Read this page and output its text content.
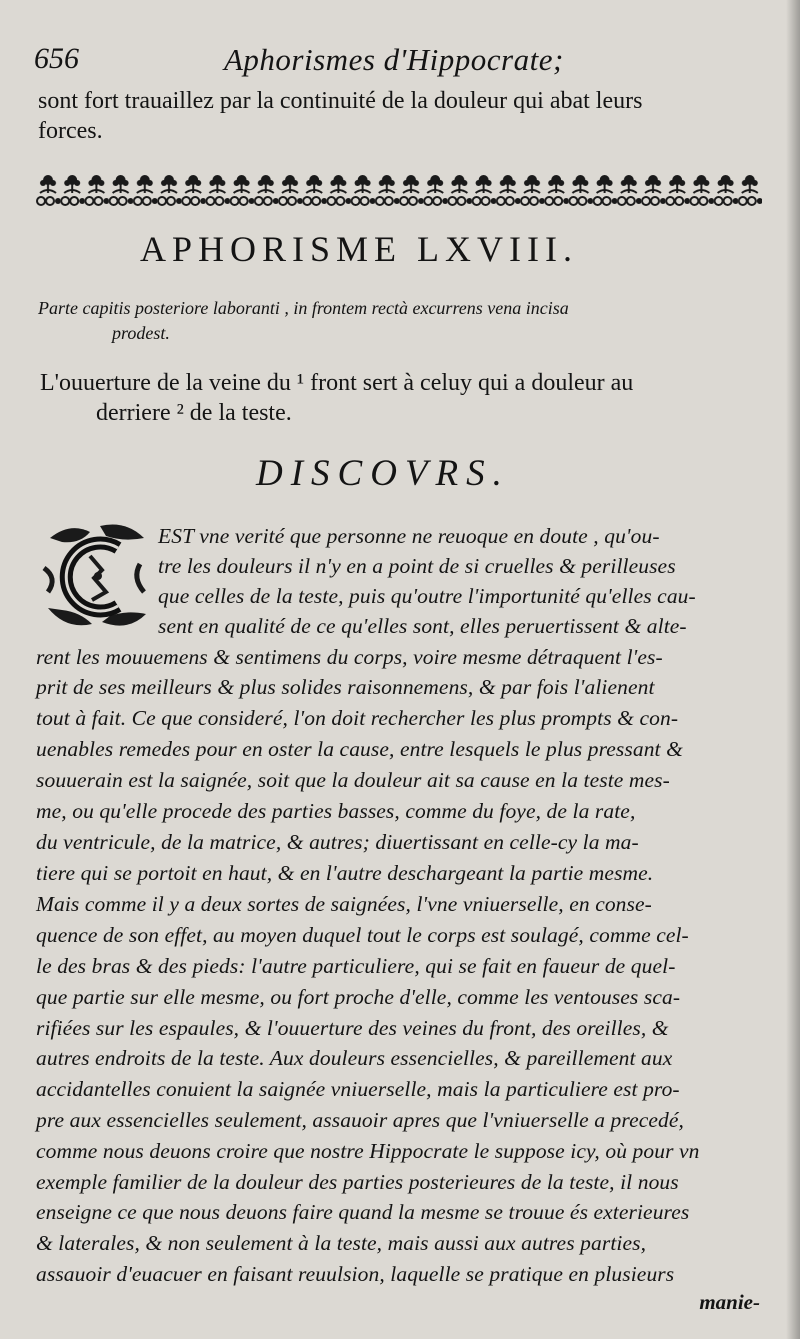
656	Aphorismes d'Hippocrate;
sont fort trauaillez par la continuité de la douleur qui abat leurs
forces.
APHORISME LXVIII.
Parte capitis posteriore laboranti , in frontem rectà excurrens vena incisa
prodest.
L'ouuerture de la veine du ¹ front sert à celuy qui a douleur au
derriere ² de la teste.
DISCOVRS.
EST vne verité que personne ne reuoque en doute , qu'ou-
tre les douleurs il n'y en a point de si cruelles & perilleuses
que celles de la teste, puis qu'outre l'importunité qu'elles cau-
sent en qualité de ce qu'elles sont, elles peruertissent & alte-
rent les mouuemens & sentimens du corps, voire mesme détraquent l'es-
prit de ses meilleurs & plus solides raisonnemens, & par fois l'alienent
tout à fait. Ce que consideré, l'on doit rechercher les plus prompts & con-
uenables remedes pour en oster la cause, entre lesquels le plus pressant &
souuerain est la saignée, soit que la douleur ait sa cause en la teste mes-
me, ou qu'elle procede des parties basses, comme du foye, de la rate,
du ventricule, de la matrice, & autres; diuertissant en celle-cy la ma-
tiere qui se portoit en haut, & en l'autre deschargeant la partie mesme.
Mais comme il y a deux sortes de saignées, l'vne vniuerselle, en conse-
quence de son effet, au moyen duquel tout le corps est soulagé, comme cel-
le des bras & des pieds: l'autre particuliere, qui se fait en faueur de quel-
que partie sur elle mesme, ou fort proche d'elle, comme les ventouses sca-
rifiées sur les espaules, & l'ouuerture des veines du front, des oreilles, &
autres endroits de la teste. Aux douleurs essencielles, & pareillement aux
accidantelles conuient la saignée vniuerselle, mais la particuliere est pro-
pre aux essencielles seulement, assauoir apres que l'vniuerselle a precedé,
comme nous deuons croire que nostre Hippocrate le suppose icy, où pour vn
exemple familier de la douleur des parties posterieures de la teste, il nous
enseigne ce que nous deuons faire quand la mesme se trouue és exterieures
& laterales, & non seulement à la teste, mais aussi aux autres parties,
assauoir d'euacuer en faisant reuulsion, laquelle se pratique en plusieurs
manie-
